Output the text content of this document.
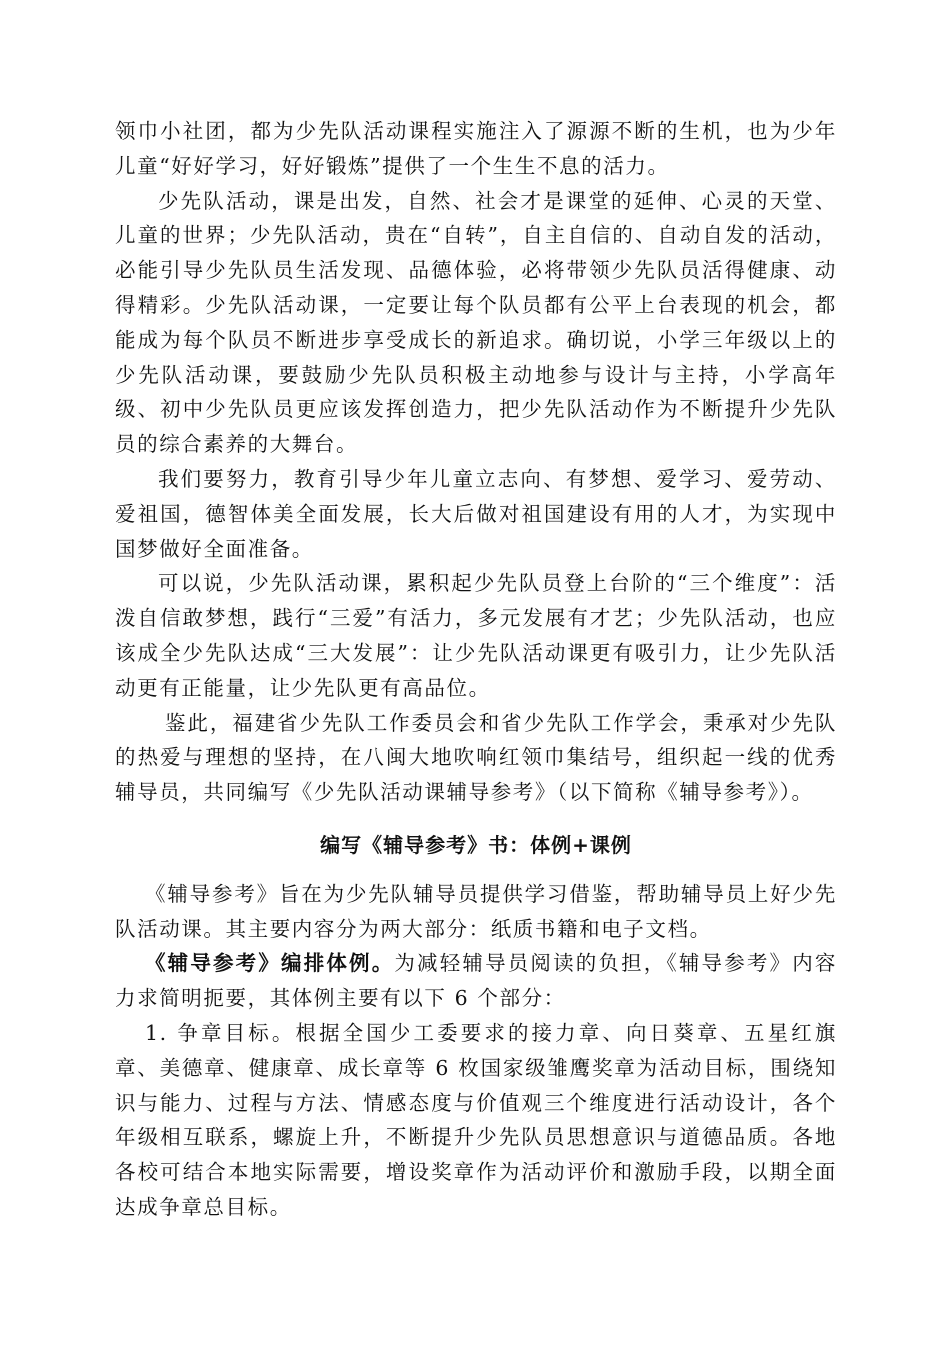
领巾小社团，都为少先队活动课程实施注入了源源不断的生机，也为少年儿童“好好学习，好好锻炼”提供了一个生生不息的活力。

少先队活动，课是出发，自然、社会才是课堂的延伸、心灵的天堂、儿童的世界；少先队活动，贵在“自转”，自主自信的、自动自发的活动，必能引导少先队员生活发现、品德体验，必将带领少先队员活得健康、动得精彩。少先队活动课，一定要让每个队员都有公平上台表现的机会，都能成为每个队员不断进步享受成长的新追求。确切说，小学三年级以上的少先队活动课，要鼓励少先队员积极主动地参与设计与主持，小学高年级、初中少先队员更应该发挥创造力，把少先队活动作为不断提升少先队员的综合素养的大舞台。

我们要努力，教育引导少年儿童立志向、有梦想、爱学习、爱劳动、爱祖国，德智体美全面发展，长大后做对祖国建设有用的人才，为实现中国梦做好全面准备。

可以说，少先队活动课，累积起少先队员登上台阶的“三个维度”：活泼自信敢梦想，践行“三爱”有活力，多元发展有才艺；少先队活动，也应该成全少先队达成“三大发展”：让少先队活动课更有吸引力，让少先队活动更有正能量，让少先队更有高品位。

鉴此，福建省少先队工作委员会和省少先队工作学会，秉承对少先队的热爱与理想的坚持，在八闽大地吹响红领巾集结号，组织起一线的优秀辅导员，共同编写《少先队活动课辅导参考》（以下简称《辅导参考》）。

编写《辅导参考》书：体例+课例

《辅导参考》旨在为少先队辅导员提供学习借鉴，帮助辅导员上好少先队活动课。其主要内容分为两大部分：纸质书籍和电子文档。

《辅导参考》编排体例。为减轻辅导员阅读的负担，《辅导参考》内容力求简明扼要，其体例主要有以下 6 个部分：

1. 争章目标。根据全国少工委要求的接力章、向日葵章、五星红旗章、美德章、健康章、成长章等 6 枚国家级雏鹰奖章为活动目标，围绕知识与能力、过程与方法、情感态度与价值观三个维度进行活动设计，各个年级相互联系，螺旋上升，不断提升少先队员思想意识与道德品质。各地各校可结合本地实际需要，增设奖章作为活动评价和激励手段，以期全面达成争章总目标。
